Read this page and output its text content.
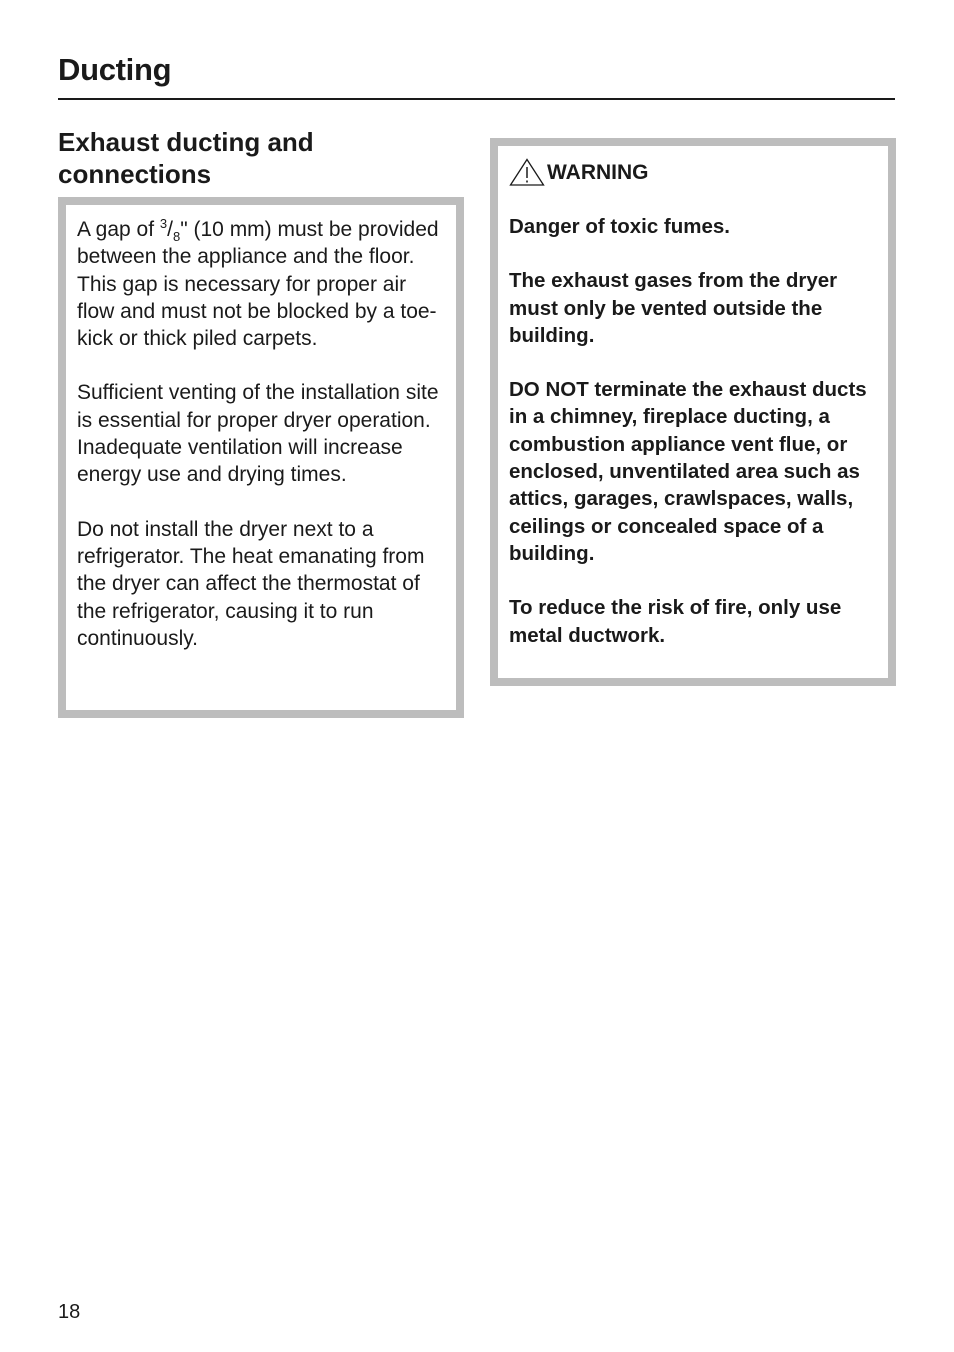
Ducting
Exhaust ducting and connections

A gap of $^3/_8$" (10 mm) must be provided between the appliance and the floor. This gap is necessary for proper air flow and must not be blocked by a toe-kick or thick piled carpets.

Sufficient venting of the installation site is essential for proper dryer operation. Inadequate ventilation will increase energy use and drying times.

Do not install the dryer next to a refrigerator. The heat emanating from the dryer can affect the thermostat of the refrigerator, causing it to run continuously.

WARNING

Danger of toxic fumes.

The exhaust gases from the dryer must only be vented outside the building.

DO NOT terminate the exhaust ducts in a chimney, fireplace ducting, a combustion appliance vent flue, or enclosed, unventilated area such as attics, garages, crawlspaces, walls, ceilings or concealed space of a building.

To reduce the risk of fire, only use metal ductwork.

18
